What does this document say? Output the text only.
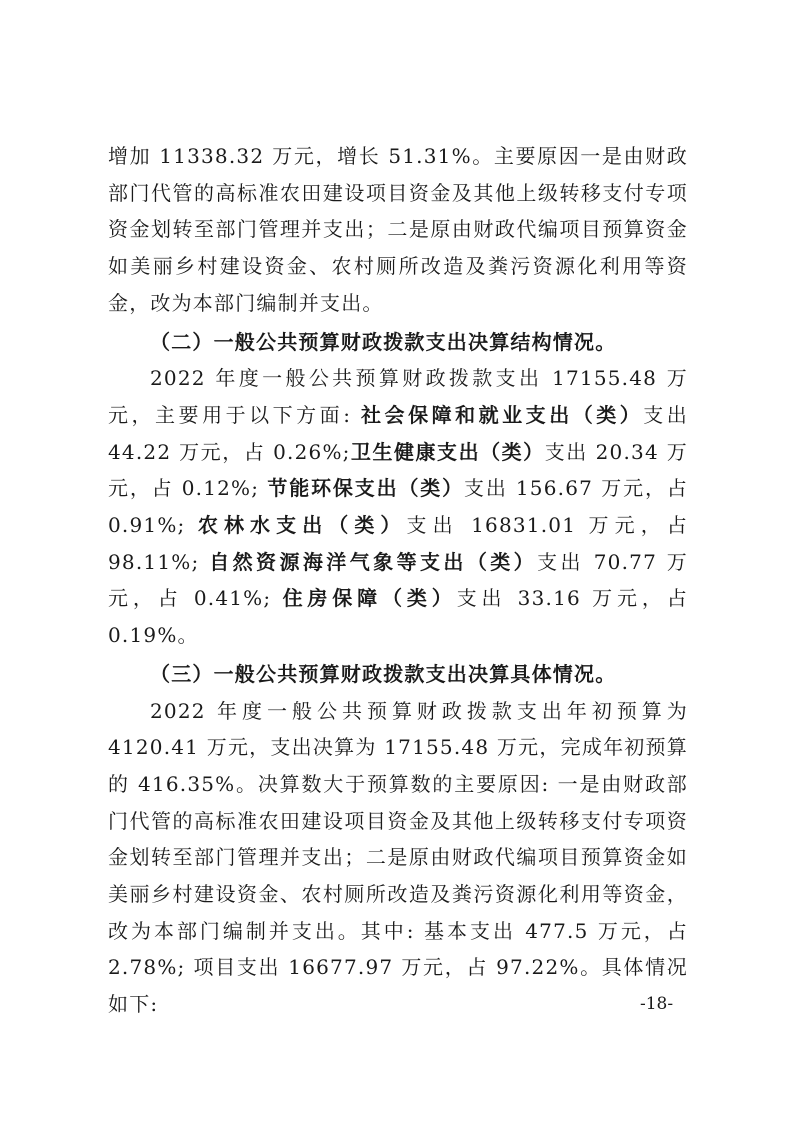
增加 11338.32 万元，增长 51.31%。主要原因一是由财政部门代管的高标准农田建设项目资金及其他上级转移支付专项资金划转至部门管理并支出；二是原由财政代编项目预算资金如美丽乡村建设资金、农村厕所改造及粪污资源化利用等资金，改为本部门编制并支出。

（二）一般公共预算财政拨款支出决算结构情况。

2022 年度一般公共预算财政拨款支出 17155.48 万元，主要用于以下方面: 社会保障和就业支出（类）支出 44.22 万元，占 0.26%;卫生健康支出（类）支出 20.34 万元，占 0.12%; 节能环保支出（类）支出 156.67 万元，占 0.91%; 农林水支出（类）支出 16831.01 万元，占 98.11%; 自然资源海洋气象等支出（类）支出 70.77 万元，占 0.41%; 住房保障（类）支出 33.16 万元，占 0.19%。

（三）一般公共预算财政拨款支出决算具体情况。

2022 年度一般公共预算财政拨款支出年初预算为 4120.41 万元，支出决算为 17155.48 万元，完成年初预算的 416.35%。决算数大于预算数的主要原因: 一是由财政部门代管的高标准农田建设项目资金及其他上级转移支付专项资金划转至部门管理并支出；二是原由财政代编项目预算资金如美丽乡村建设资金、农村厕所改造及粪污资源化利用等资金，改为本部门编制并支出。其中: 基本支出 477.5 万元，占 2.78%; 项目支出 16677.97 万元，占 97.22%。具体情况如下:	-18-
